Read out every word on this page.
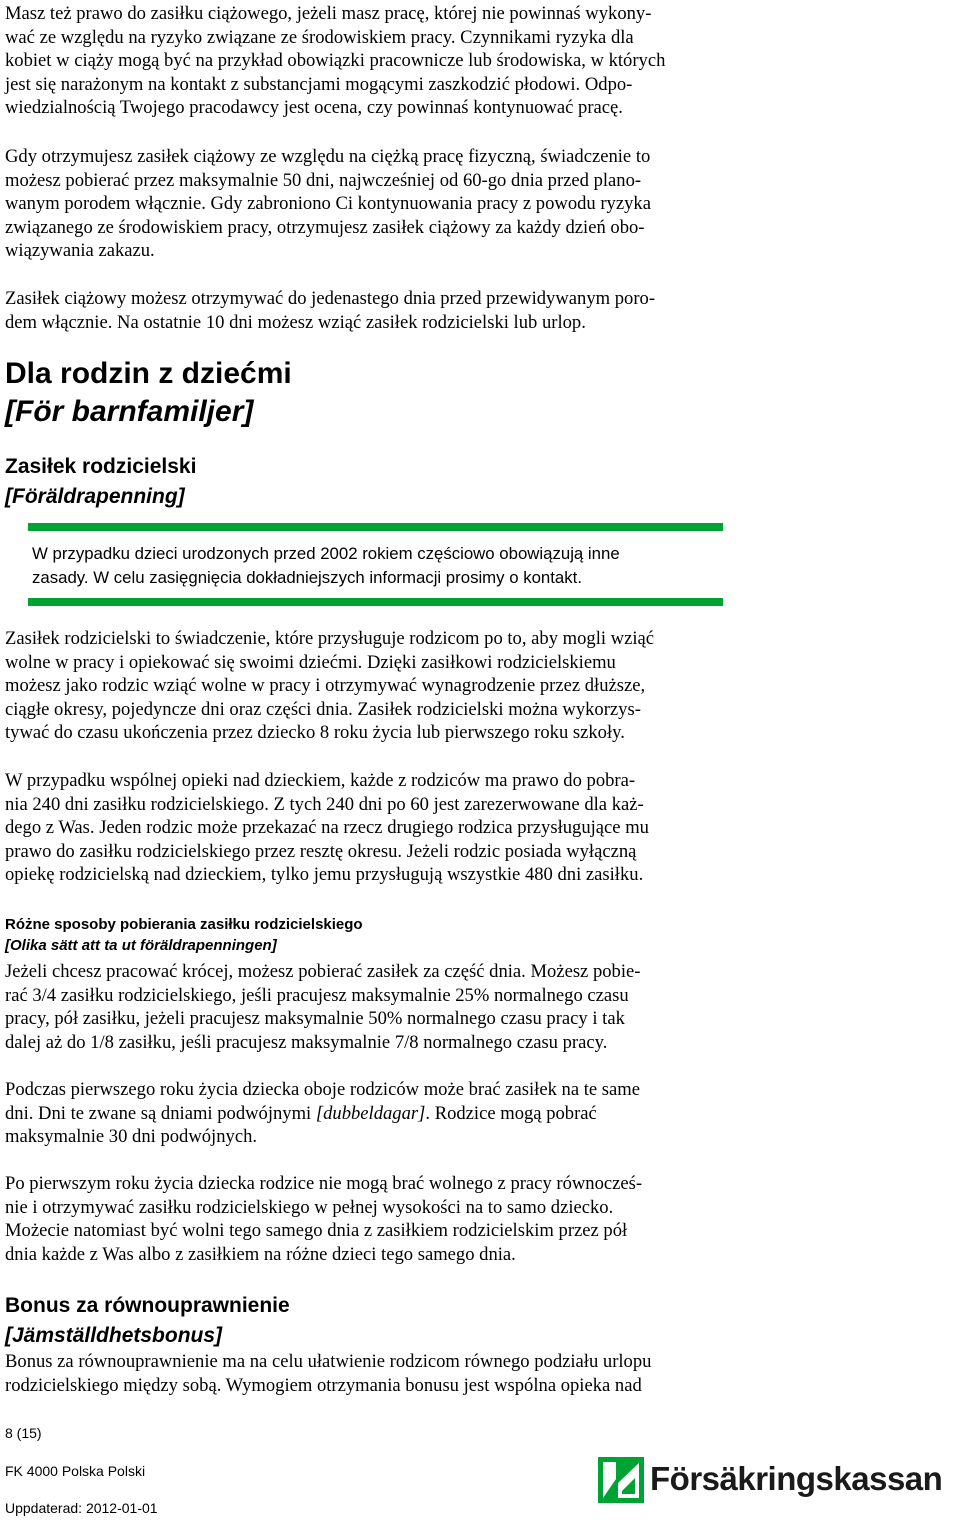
Masz też prawo do zasiłku ciążowego, jeżeli masz pracę, której nie powinnaś wykony-
wać ze względu na ryzyko związane ze środowiskiem pracy. Czynnikami ryzyka dla
kobiet w ciąży mogą być na przykład obowiązki pracownicze lub środowiska, w których
jest się narażonym na kontakt z substancjami mogącymi zaszkodzić płodowi. Odpo-
wiedzialnością Twojego pracodawcy jest ocena, czy powinnaś kontynuować pracę.

Gdy otrzymujesz zasiłek ciążowy ze względu na ciężką pracę fizyczną, świadczenie to
możesz pobierać przez maksymalnie 50 dni, najwcześniej od 60-go dnia przed plano-
wanym porodem włącznie. Gdy zabroniono Ci kontynuowania pracy z powodu ryzyka
związanego ze środowiskiem pracy, otrzymujesz zasiłek ciążowy za każdy dzień obo-
wiązywania zakazu.

Zasiłek ciążowy możesz otrzymywać do jedenastego dnia przed przewidywanym poro-
dem włącznie. Na ostatnie 10 dni możesz wziąć zasiłek rodzicielski lub urlop.

Dla rodzin z dziećmi
[För barnfamiljer]
Zasiłek rodzicielski
[Föräldrapenning]
W przypadku dzieci urodzonych przed 2002 rokiem częściowo obowiązują inne
zasady. W celu zasięgnięcia dokładniejszych informacji prosimy o kontakt.

Zasiłek rodzicielski to świadczenie, które przysługuje rodzicom po to, aby mogli wziąć
wolne w pracy i opiekować się swoimi dziećmi. Dzięki zasiłkowi rodzicielskiemu
możesz jako rodzic wziąć wolne w pracy i otrzymywać wynagrodzenie przez dłuższe,
ciągłe okresy, pojedyncze dni oraz części dnia. Zasiłek rodzicielski można wykorzys-
tywać do czasu ukończenia przez dziecko 8 roku życia lub pierwszego roku szkoły.

W przypadku wspólnej opieki nad dzieckiem, każde z rodziców ma prawo do pobra-
nia 240 dni zasiłku rodzicielskiego. Z tych 240 dni po 60 jest zarezerwowane dla każ-
dego z Was. Jeden rodzic może przekazać na rzecz drugiego rodzica przysługujące mu
prawo do zasiłku rodzicielskiego przez resztę okresu. Jeżeli rodzic posiada wyłączną
opiekę rodzicielską nad dzieckiem, tylko jemu przysługują wszystkie 480 dni zasiłku.

Różne sposoby pobierania zasiłku rodzicielskiego
[Olika sätt att ta ut föräldrapenningen]

Jeżeli chcesz pracować krócej, możesz pobierać zasiłek za część dnia. Możesz pobie-
rać 3/4 zasiłku rodzicielskiego, jeśli pracujesz maksymalnie 25% normalnego czasu
pracy, pół zasiłku, jeżeli pracujesz maksymalnie 50% normalnego czasu pracy i tak
dalej aż do 1/8 zasiłku, jeśli pracujesz maksymalnie 7/8 normalnego czasu pracy.

Podczas pierwszego roku życia dziecka oboje rodziców może brać zasiłek na te same
dni. Dni te zwane są dniami podwójnymi [dubbeldagar]. Rodzice mogą pobrać
maksymalnie 30 dni podwójnych.

Po pierwszym roku życia dziecka rodzice nie mogą brać wolnego z pracy równocześ-
nie i otrzymywać zasiłku rodzicielskiego w pełnej wysokości na to samo dziecko.
Możecie natomiast być wolni tego samego dnia z zasiłkiem rodzicielskim przez pół
dnia każde z Was albo z zasiłkiem na różne dzieci tego samego dnia.

Bonus za równouprawnienie
[Jämställdhetsbonus]

Bonus za równouprawnienie ma na celu ułatwienie rodzicom równego podziału urlopu
rodzicielskiego między sobą. Wymogiem otrzymania bonusu jest wspólna opieka nad

8 (15)
FK 4000 Polska Polski
Uppdaterad: 2012-01-01
Försäkringskassan
